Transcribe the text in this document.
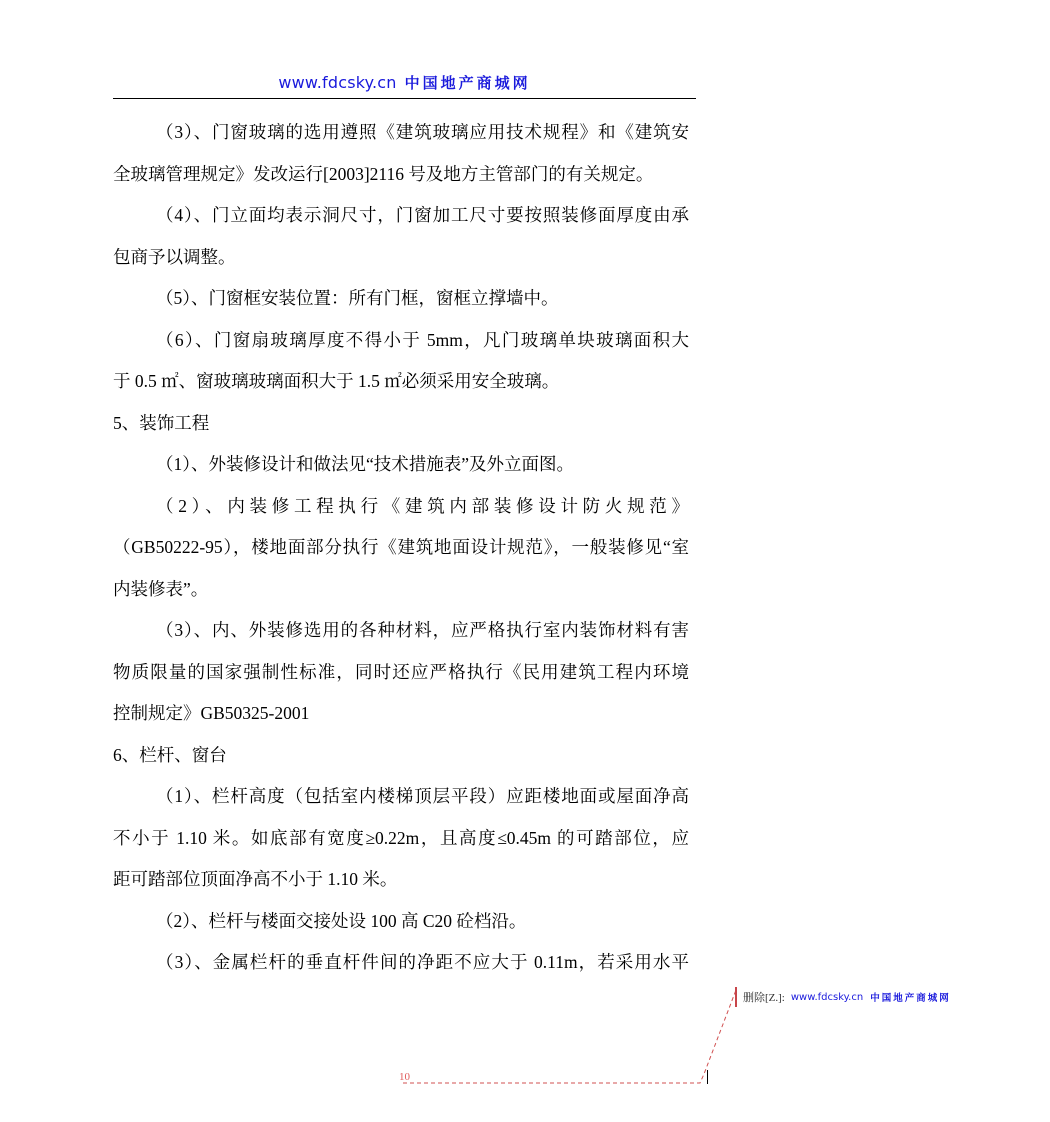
www.fdcsky.cn 中国地产商城网

（3）、门窗玻璃的选用遵照《建筑玻璃应用技术规程》和《建筑安
全玻璃管理规定》发改运行[2003]2116 号及地方主管部门的有关规定。

（4）、门立面均表示洞尺寸，门窗加工尺寸要按照装修面厚度由承
包商予以调整。

（5）、门窗框安装位置：所有门框，窗框立撑墙中。

（6）、门窗扇玻璃厚度不得小于 5mm，凡门玻璃单块玻璃面积大
于 0.5 ㎡、窗玻璃玻璃面积大于 1.5 ㎡必须采用安全玻璃。

5、装饰工程

（1）、外装修设计和做法见“技术措施表”及外立面图。

（2）、内装修工程执行《建筑内部装修设计防火规范》
（GB50222-95），楼地面部分执行《建筑地面设计规范》，一般装修见“室
内装修表”。

（3）、内、外装修选用的各种材料，应严格执行室内装饰材料有害
物质限量的国家强制性标准，同时还应严格执行《民用建筑工程内环境
控制规定》GB50325-2001

6、栏杆、窗台

（1）、栏杆高度（包括室内楼梯顶层平段）应距楼地面或屋面净高
不小于 1.10 米。如底部有宽度≥0.22m，且高度≤0.45m 的可踏部位，应
距可踏部位顶面净高不小于 1.10 米。

（2）、栏杆与楼面交接处设 100 高 C20 砼档沿。

（3）、金属栏杆的垂直杆件间的净距不应大于 0.11m，若采用水平

删除[Z.]: www.fdcsky.cn 中国地产商城网
10
